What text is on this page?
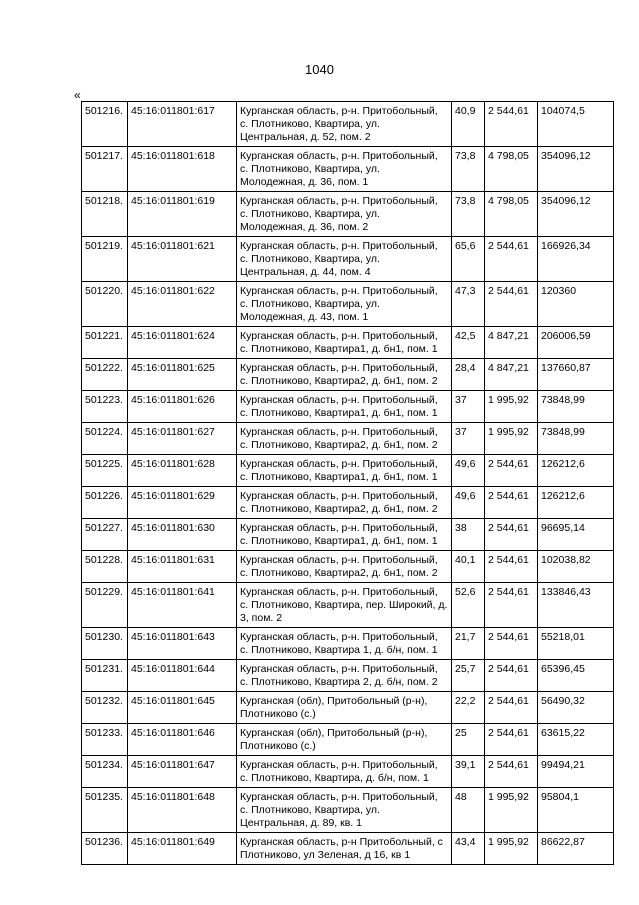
1040
«
501216.	45:16:011801:617	Курганская область, р-н. Притобольный, с. Плотниково, Квартира, ул. Центральная, д. 52, пом. 2	40,9	2 544,61	104074,5
501217.	45:16:011801:618	Курганская область, р-н. Притобольный, с. Плотниково, Квартира, ул. Молодежная, д. 36, пом. 1	73,8	4 798,05	354096,12
501218.	45:16:011801:619	Курганская область, р-н. Притобольный, с. Плотниково, Квартира, ул. Молодежная, д. 36, пом. 2	73,8	4 798,05	354096,12
501219.	45:16:011801:621	Курганская область, р-н. Притобольный, с. Плотниково, Квартира, ул. Центральная, д. 44, пом. 4	65,6	2 544,61	166926,34
501220.	45:16:011801:622	Курганская область, р-н. Притобольный, с. Плотниково, Квартира, ул. Молодежная, д. 43, пом. 1	47,3	2 544,61	120360
501221.	45:16:011801:624	Курганская область, р-н. Притобольный, с. Плотниково, Квартира1, д. бн1, пом. 1	42,5	4 847,21	206006,59
501222.	45:16:011801:625	Курганская область, р-н. Притобольный, с. Плотниково, Квартира2, д. бн1, пом. 2	28,4	4 847,21	137660,87
501223.	45:16:011801:626	Курганская область, р-н. Притобольный, с. Плотниково, Квартира1, д. бн1, пом. 1	37	1 995,92	73848,99
501224.	45:16:011801:627	Курганская область, р-н. Притобольный, с. Плотниково, Квартира2, д. бн1, пом. 2	37	1 995,92	73848,99
501225.	45:16:011801:628	Курганская область, р-н. Притобольный, с. Плотниково, Квартира1, д. бн1, пом. 1	49,6	2 544,61	126212,6
501226.	45:16:011801:629	Курганская область, р-н. Притобольный, с. Плотниково, Квартира2, д. бн1, пом. 2	49,6	2 544,61	126212,6
501227.	45:16:011801:630	Курганская область, р-н. Притобольный, с. Плотниково, Квартира1, д. бн1, пом. 1	38	2 544,61	96695,14
501228.	45:16:011801:631	Курганская область, р-н. Притобольный, с. Плотниково, Квартира2, д. бн1, пом. 2	40,1	2 544,61	102038,82
501229.	45:16:011801:641	Курганская область, р-н. Притобольный, с. Плотниково, Квартира, пер. Широкий, д. 3, пом. 2	52,6	2 544,61	133846,43
501230.	45:16:011801:643	Курганская область, р-н. Притобольный, с. Плотниково, Квартира 1, д. б/н, пом. 1	21,7	2 544,61	55218,01
501231.	45:16:011801:644	Курганская область, р-н. Притобольный, с. Плотниково, Квартира 2, д. б/н, пом. 2	25,7	2 544,61	65396,45
501232.	45:16:011801:645	Курганская (обл), Притобольный (р-н), Плотниково (с.)	22,2	2 544,61	56490,32
501233.	45:16:011801:646	Курганская (обл), Притобольный (р-н), Плотниково (с.)	25	2 544,61	63615,22
501234.	45:16:011801:647	Курганская область, р-н. Притобольный, с. Плотниково, Квартира, д. б/н, пом. 1	39,1	2 544,61	99494,21
501235.	45:16:011801:648	Курганская область, р-н. Притобольный, с. Плотниково, Квартира, ул. Центральная, д. 89, кв. 1	48	1 995,92	95804,1
501236.	45:16:011801:649	Курганская область, р-н Притобольный, с Плотниково, ул Зеленая, д 16, кв 1	43,4	1 995,92	86622,87
